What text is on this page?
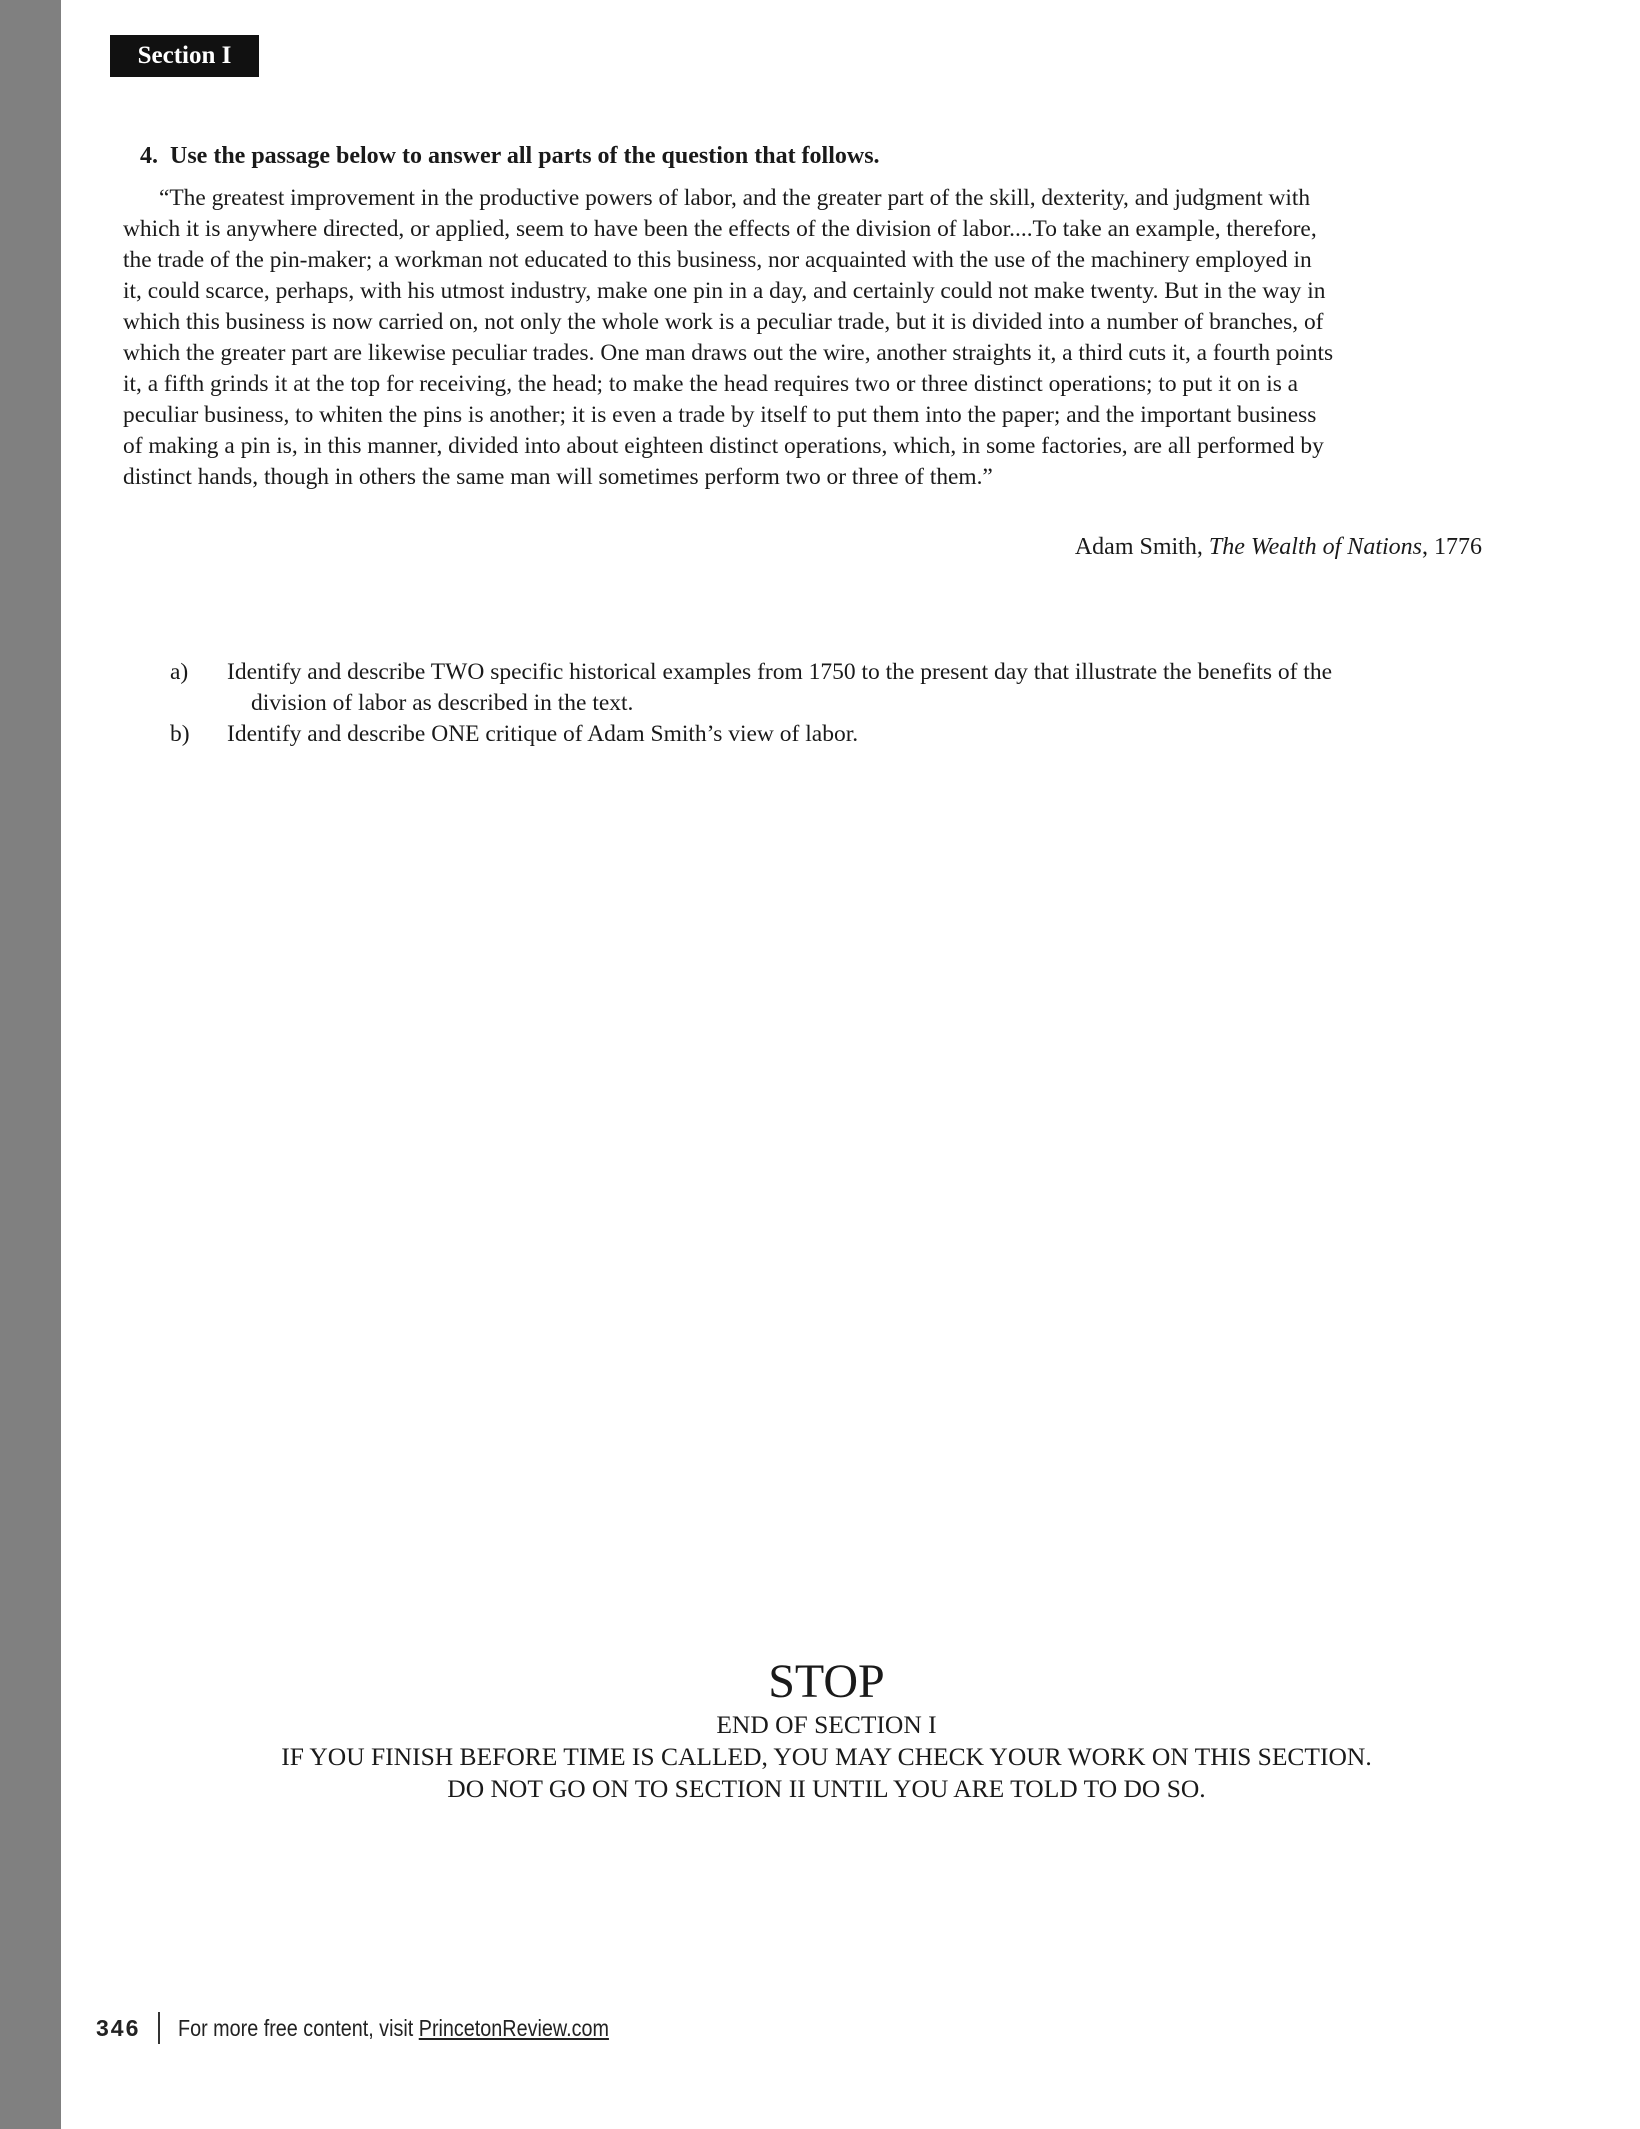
Section I
4. Use the passage below to answer all parts of the question that follows.
“The greatest improvement in the productive powers of labor, and the greater part of the skill, dexterity, and judgment with
which it is anywhere directed, or applied, seem to have been the effects of the division of labor....To take an example, therefore,
the trade of the pin-maker; a workman not educated to this business, nor acquainted with the use of the machinery employed in
it, could scarce, perhaps, with his utmost industry, make one pin in a day, and certainly could not make twenty. But in the way in
which this business is now carried on, not only the whole work is a peculiar trade, but it is divided into a number of branches, of
which the greater part are likewise peculiar trades. One man draws out the wire, another straights it, a third cuts it, a fourth points
it, a fifth grinds it at the top for receiving, the head; to make the head requires two or three distinct operations; to put it on is a
peculiar business, to whiten the pins is another; it is even a trade by itself to put them into the paper; and the important business
of making a pin is, in this manner, divided into about eighteen distinct operations, which, in some factories, are all performed by
distinct hands, though in others the same man will sometimes perform two or three of them.”
Adam Smith, The Wealth of Nations, 1776
a) Identify and describe TWO specific historical examples from 1750 to the present day that illustrate the benefits of the
division of labor as described in the text.
b) Identify and describe ONE critique of Adam Smith’s view of labor.
STOP
END OF SECTION I
IF YOU FINISH BEFORE TIME IS CALLED, YOU MAY CHECK YOUR WORK ON THIS SECTION.
DO NOT GO ON TO SECTION II UNTIL YOU ARE TOLD TO DO SO.
346 For more free content, visit PrincetonReview.com
